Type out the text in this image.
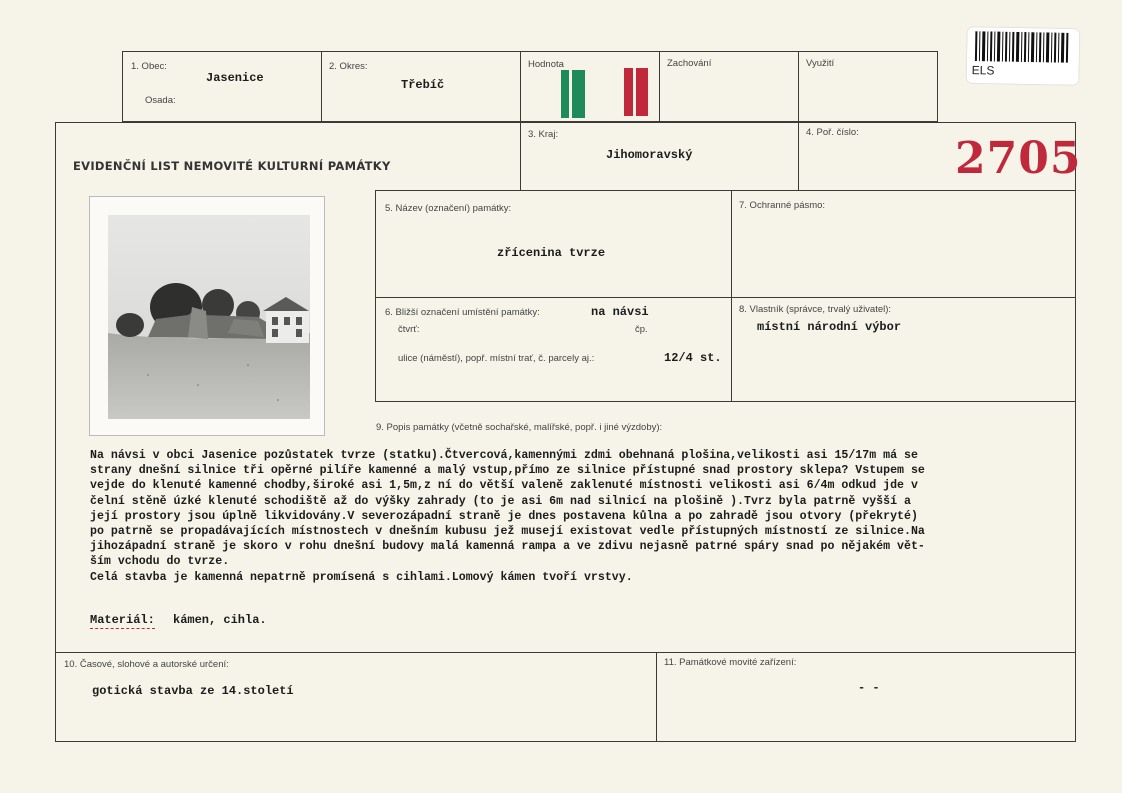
1. Obec:
Jasenice
Osada:
2. Okres:
Třebíč
Hodnota	Zachování	Využití	ELS
EVIDENČNÍ LIST NEMOVITÉ KULTURNÍ PAMÁTKY
3. Kraj:
Jihomoravský
4. Poř. číslo:
2705
5. Název (označení) památky:
zřícenina tvrze
7. Ochranné pásmo:
6. Bližší označení umístění památky:	na návsi
čtvrť:	čp.
ulice (náměstí), popř. místní trať, č. parcely aj.:	12/4 st.
8. Vlastník (správce, trvalý uživatel):
místní národní výbor
9. Popis památky (včetně sochařské, malířské, popř. i jiné výzdoby):
Na návsi v obci Jasenice pozůstatek tvrze (statku).Čtvercová,kamennými zdmi obehnaná plošina,velikosti asi 15/17m má se
strany dnešní silnice tři opěrné pilíře kamenné a malý vstup,přímo ze silnice přístupné snad prostory sklepa? Vstupem se
vejde do klenuté kamenné chodby,široké asi 1,5m,z ní do větší valeně zaklenuté místnosti velikosti asi 6/4m odkud jde v
čelní stěně úzké klenuté schodiště až do výšky zahrady (to je asi 6m nad silnicí na plošině ).Tvrz byla patrně vyšší a
její prostory jsou úplně likvidovány.V severozápadní straně je dnes postavena kůlna a po zahradě jsou otvory (překryté)
po patrně se propadávajících místnostech v dnešním kubusu jež musejí existovat vedle přístupných místností ze silnice.Na
jihozápadní straně je skoro v rohu dnešní budovy malá kamenná rampa a ve zdivu nejasně patrné spáry snad po nějakém vět-
ším vchodu do tvrze.
Celá stavba je kamenná nepatrně promísená s cihlami.Lomový kámen tvoří vrstvy.
Materiál: kámen, cihla.
10. Časové, slohové a autorské určení:
gotická stavba ze 14.století
11. Památkové movité zařízení:
- -
